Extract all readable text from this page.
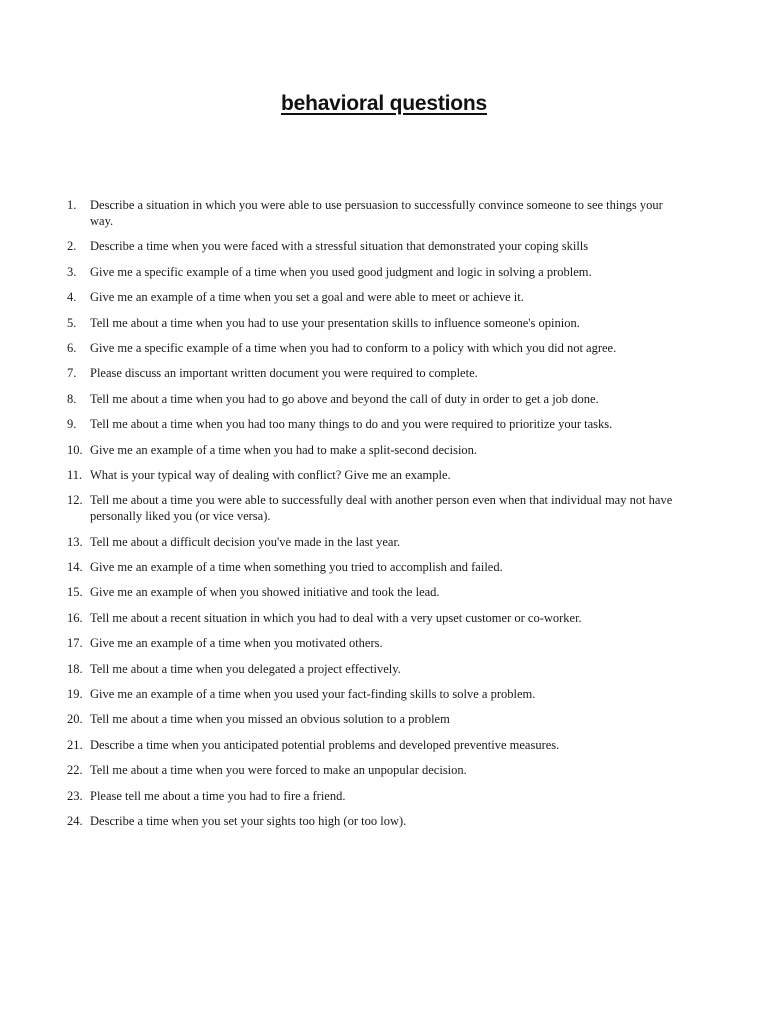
behavioral questions
1.	Describe a situation in which you were able to use persuasion to successfully convince someone to see things your way.
2.	Describe a time when you were faced with a stressful situation that demonstrated your coping skills
3.	Give me a specific example of a time when you used good judgment and logic in solving a problem.
4.	Give me an example of a time when you set a goal and were able to meet or achieve it.
5.	Tell me about a time when you had to use your presentation skills to influence someone's opinion.
6.	Give me a specific example of a time when you had to conform to a policy with which you did not agree.
7.	Please discuss an important written document you were required to complete.
8.	Tell me about a time when you had to go above and beyond the call of duty in order to get a job done.
9.	Tell me about a time when you had too many things to do and you were required to prioritize your tasks.
10. Give me an example of a time when you had to make a split-second decision.
11. What is your typical way of dealing with conflict? Give me an example.
12. Tell me about a time you were able to successfully deal with another person even when that individual may not have personally liked you (or vice versa).
13. Tell me about a difficult decision you've made in the last year.
14. Give me an example of a time when something you tried to accomplish and failed.
15. Give me an example of when you showed initiative and took the lead.
16. Tell me about a recent situation in which you had to deal with a very upset customer or co-worker.
17. Give me an example of a time when you motivated others.
18. Tell me about a time when you delegated a project effectively.
19. Give me an example of a time when you used your fact-finding skills to solve a problem.
20. Tell me about a time when you missed an obvious solution to a problem
21. Describe a time when you anticipated potential problems and developed preventive measures.
22. Tell me about a time when you were forced to make an unpopular decision.
23. Please tell me about a time you had to fire a friend.
24. Describe a time when you set your sights too high (or too low).
